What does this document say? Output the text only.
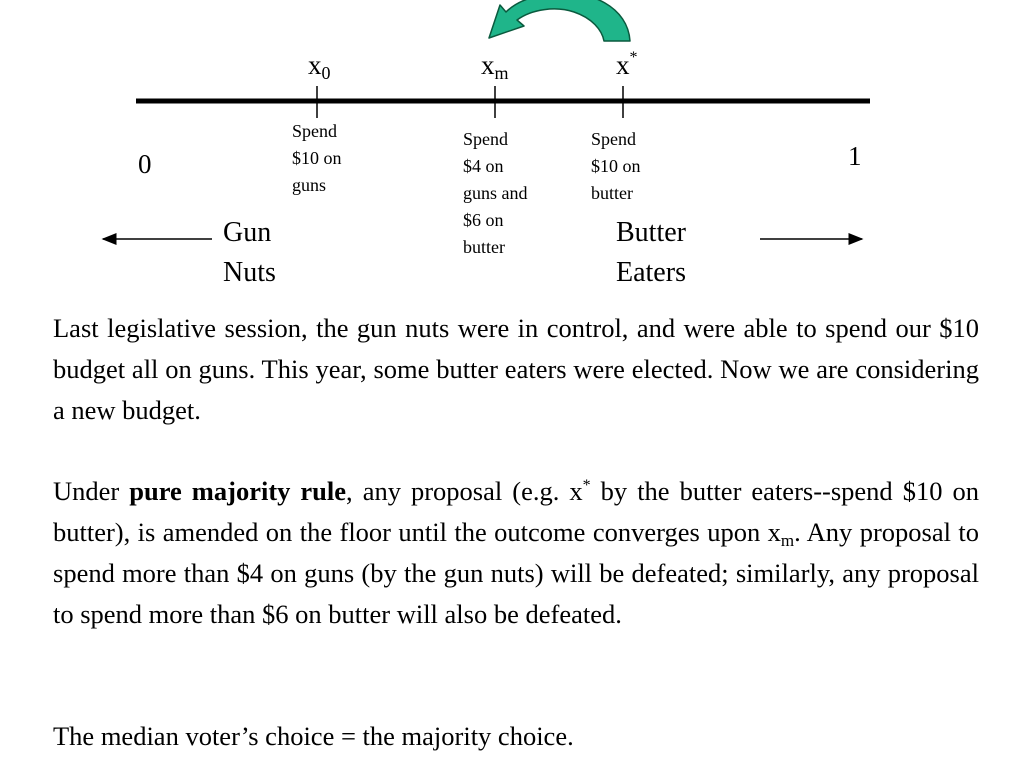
$x_0$	$x_m$	x*
Spend
$10 on
guns
Spend
$4 on
guns and
$6 on
butter
Spend
$10 on
butter
0	1
Gun
Nuts
Butter
Eaters

Last legislative session, the gun nuts were in control, and were able to spend our $10 budget all on guns. This year, some butter eaters were elected. Now we are considering a new budget.

Under pure majority rule, any proposal (e.g. x* by the butter eaters--spend $10 on butter), is amended on the floor until the outcome converges upon $x_m$. Any proposal to spend more than $4 on guns (by the gun nuts) will be defeated; similarly, any proposal to spend more than $6 on butter will also be defeated.

The median voter’s choice = the majority choice.
